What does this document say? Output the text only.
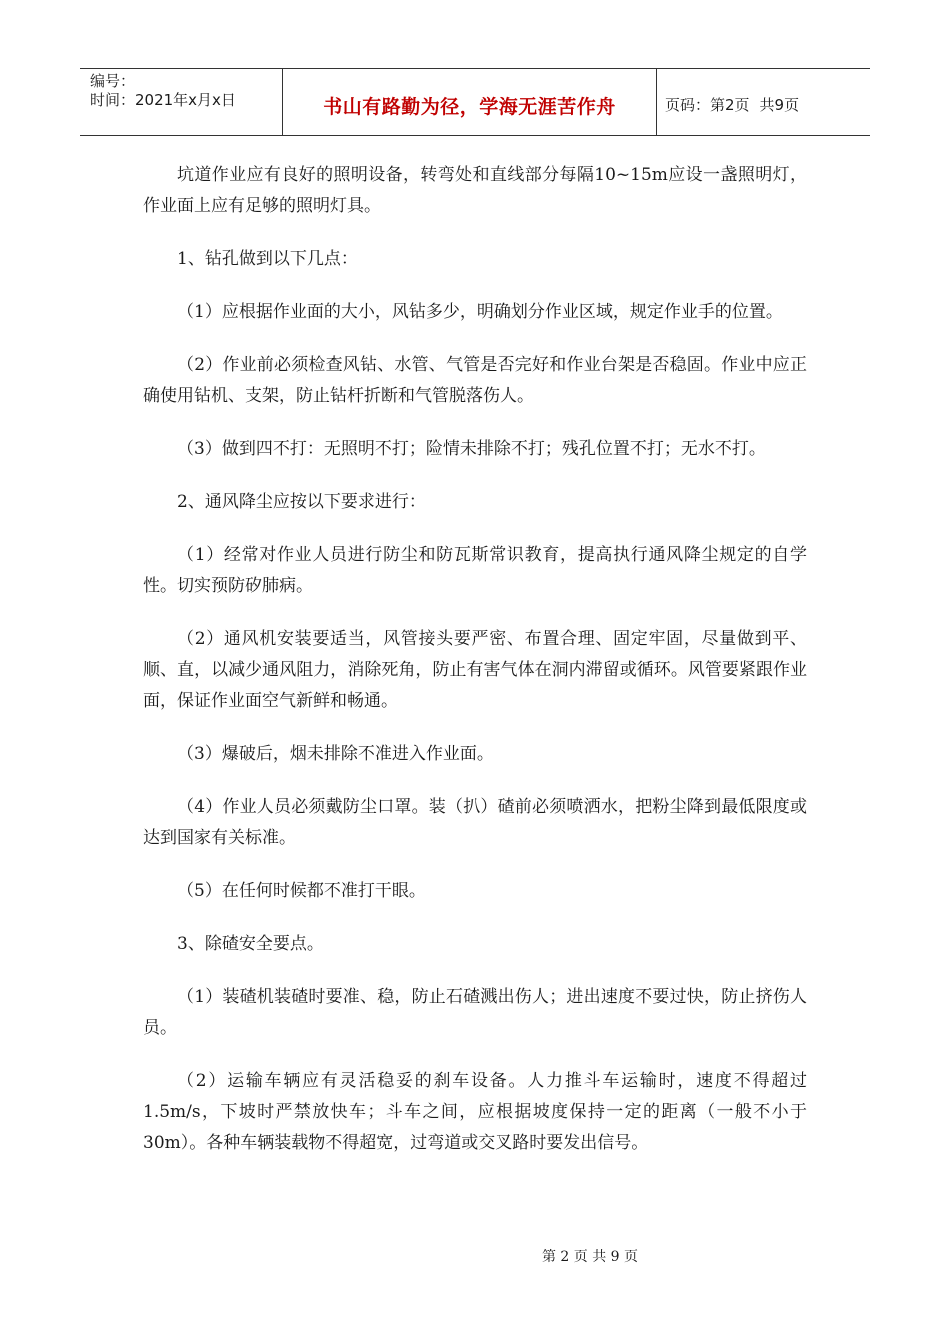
编号：
时间：2021年x月x日	书山有路勤为径，学海无涯苦作舟	页码：第2页 共9页

坑道作业应有良好的照明设备，转弯处和直线部分每隔10~15m应设一盏照明灯，作业面上应有足够的照明灯具。

1、钻孔做到以下几点：

（1）应根据作业面的大小，风钻多少，明确划分作业区域，规定作业手的位置。

（2）作业前必须检查风钻、水管、气管是否完好和作业台架是否稳固。作业中应正确使用钻机、支架，防止钻杆折断和气管脱落伤人。

（3）做到四不打：无照明不打；险情未排除不打；残孔位置不打；无水不打。

2、通风降尘应按以下要求进行：

（1）经常对作业人员进行防尘和防瓦斯常识教育，提高执行通风降尘规定的自学性。切实预防矽肺病。

（2）通风机安装要适当，风管接头要严密、布置合理、固定牢固，尽量做到平、顺、直，以减少通风阻力，消除死角，防止有害气体在洞内滞留或循环。风管要紧跟作业面，保证作业面空气新鲜和畅通。

（3）爆破后，烟未排除不准进入作业面。

（4）作业人员必须戴防尘口罩。装（扒）碴前必须喷洒水，把粉尘降到最低限度或达到国家有关标准。

（5）在任何时候都不准打干眼。

3、除碴安全要点。

（1）装碴机装碴时要准、稳，防止石碴溅出伤人；进出速度不要过快，防止挤伤人员。

（2）运输车辆应有灵活稳妥的刹车设备。人力推斗车运输时，速度不得超过1.5m/s，下坡时严禁放快车；斗车之间，应根据坡度保持一定的距离（一般不小于30m）。各种车辆装载物不得超宽，过弯道或交叉路时要发出信号。

第 2 页 共 9 页
